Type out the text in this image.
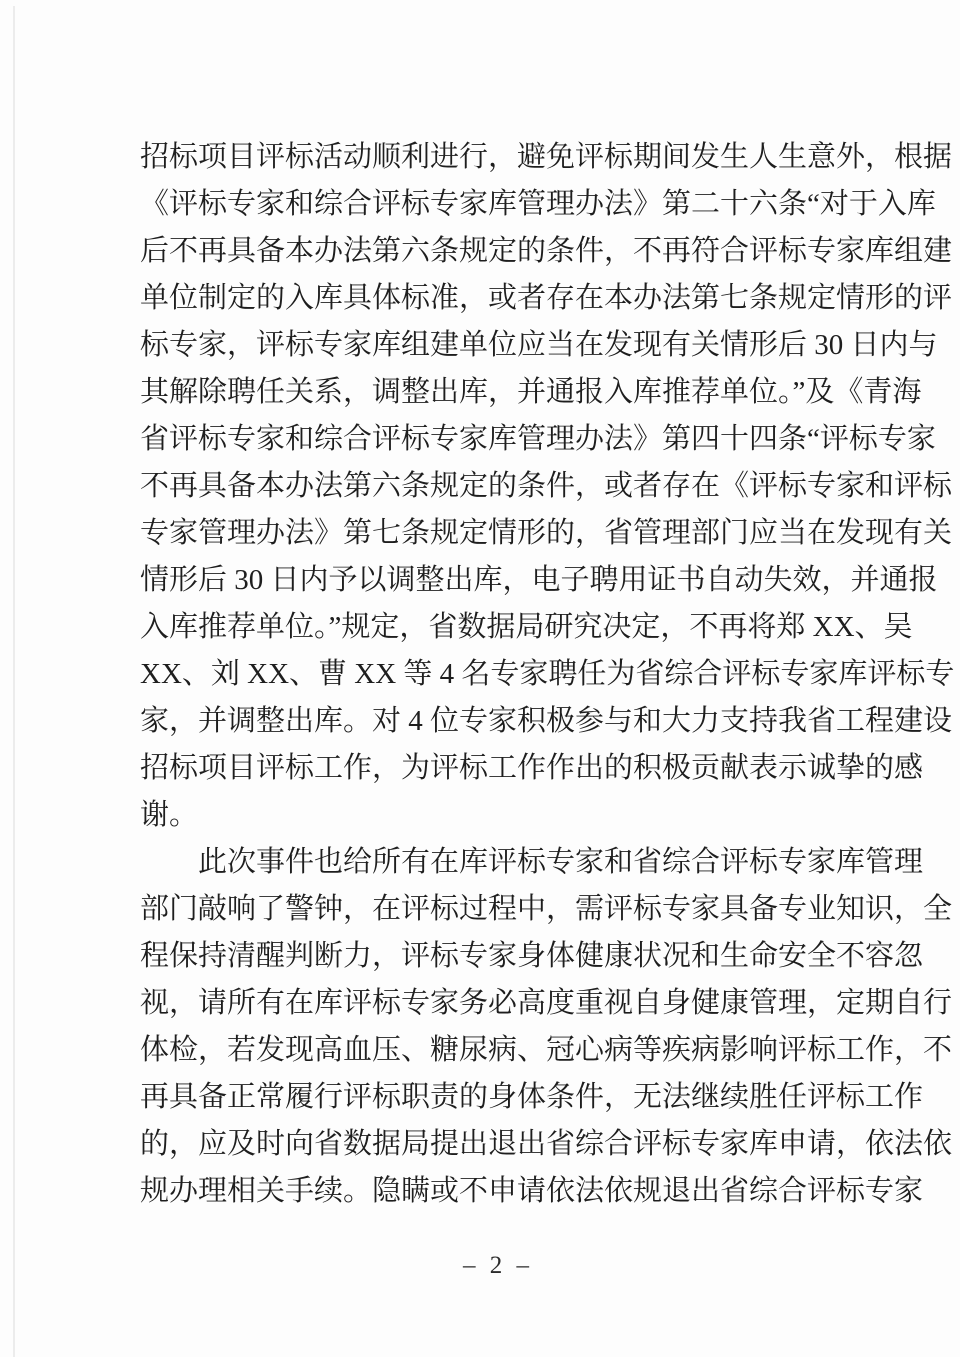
招标项目评标活动顺利进行，避免评标期间发生人生意外，根据
《评标专家和综合评标专家库管理办法》第二十六条“对于入库
后不再具备本办法第六条规定的条件，不再符合评标专家库组建
单位制定的入库具体标准，或者存在本办法第七条规定情形的评
标专家，评标专家库组建单位应当在发现有关情形后 30 日内与
其解除聘任关系，调整出库，并通报入库推荐单位。”及《青海
省评标专家和综合评标专家库管理办法》第四十四条“评标专家
不再具备本办法第六条规定的条件，或者存在《评标专家和评标
专家管理办法》第七条规定情形的，省管理部门应当在发现有关
情形后 30 日内予以调整出库，电子聘用证书自动失效，并通报
入库推荐单位。”规定，省数据局研究决定，不再将郑 XX、吴
XX、刘 XX、曹 XX 等 4 名专家聘任为省综合评标专家库评标专
家，并调整出库。对 4 位专家积极参与和大力支持我省工程建设
招标项目评标工作，为评标工作作出的积极贡献表示诚挚的感
谢。
此次事件也给所有在库评标专家和省综合评标专家库管理
部门敲响了警钟，在评标过程中，需评标专家具备专业知识，全
程保持清醒判断力，评标专家身体健康状况和生命安全不容忽
视，请所有在库评标专家务必高度重视自身健康管理，定期自行
体检，若发现高血压、糖尿病、冠心病等疾病影响评标工作，不
再具备正常履行评标职责的身体条件，无法继续胜任评标工作
的，应及时向省数据局提出退出省综合评标专家库申请，依法依
规办理相关手续。隐瞒或不申请依法依规退出省综合评标专家
– 2 –
